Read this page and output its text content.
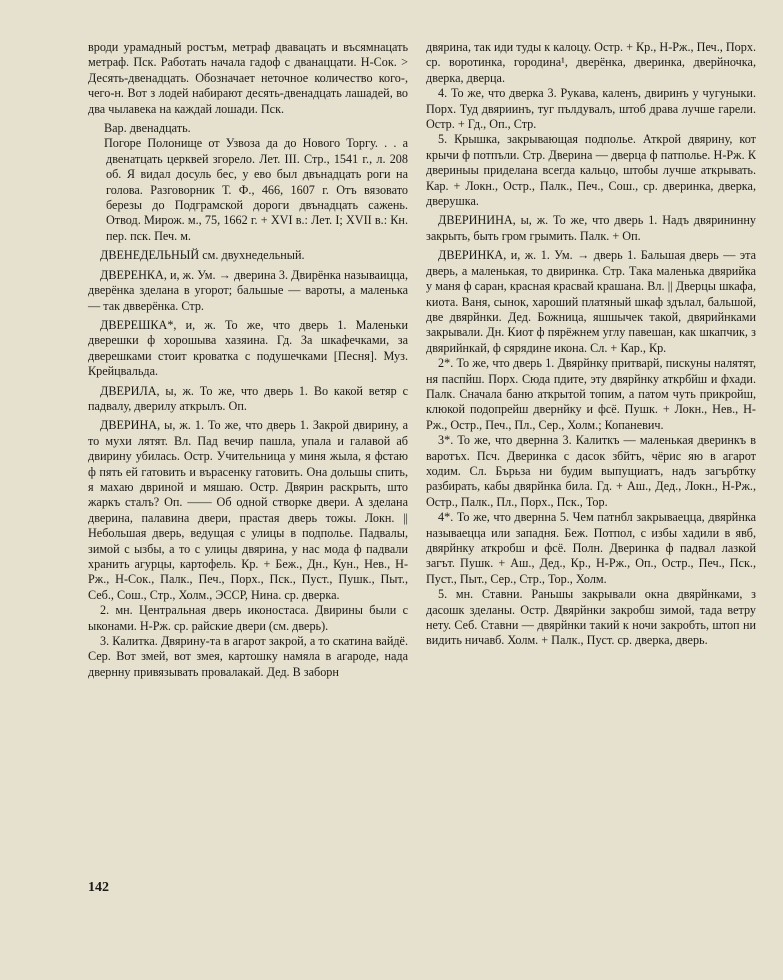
вроди урамадный ростъм, метраф двавацать и въсямнацать метраф. Пск. Работать начала гадоф с дванаццати. Н-Сок. > Десять-двенадцать. Обозначает неточное количество кого-, чего-н. Вот з лодей набирают десять-двенадцать лашадей, во два чылавека на каждай лошади. Пск.

Вар. двенадцать.

Погоре Полонище от Узвоза да до Нового Торгу. . . а двенатцать церквей згорело. Лет. III. Стр., 1541 г., л. 208 об. Я видал досуль бес, у ево был двънадцать роги на голова. Разговорник Т. Ф., 466, 1607 г. Отъ вязовато березы до Подграмской дороги двънадцать сажень. Отвод. Мирож. м., 75, 1662 г. + XVI в.: Лет. I; XVII в.: Кн. пер. пск. Печ. м.

ДВЕНЕДЕЛЬНЫЙ см. двухнедельный.

ДВЕРЕНКА, и, ж. Ум. → дверина 3. Двирёнка называицца, дверёнка зделана в угорот; бальшые — вароты, а маленька — так двверёнка. Стр.

ДВЕРЕШКА*, и, ж. То же, что дверь 1. Маленьки дверешки ф хорошыва хазяина. Гд. За шкафечками, за дверешками стоит кроватка с подушечками [Песня]. Муз. Крейцвальда.

ДВЕРИЛА, ы, ж. То же, что дверь 1. Во какой ветяр с падвалу, дверилу аткрылъ. Оп.

ДВЕРИНА, ы, ж. 1. То же, что дверь 1. Закрой двирину, а то мухи лятят. Вл. Пад вечир пашла, упала и галавой аб двирину убилась. Остр. Учительница у миня жыла, я фстаю ф пять ей гатовить и върасенку гатовить. Она дольшы спить, я махаю двриной и мяшаю. Остр. Двярин раскрыть, што жаркъ сталъ? Оп. —— Об одной створке двери. А зделана дверина, палавина двери, прастая дверь тожы. Локн. || Небольшая дверь, ведущая с улицы в подполье. Падвалы, зимой с ызбы, а то с улицы двярина, у нас мода ф падвали хранить агурцы, картофель. Кр. + Беж., Дн., Кун., Нев., Н-Рж., Н-Сок., Палк., Печ., Порх., Пск., Пуст., Пушк., Пыт., Себ., Сош., Стр., Холм., ЭССР, Нина. ср. дверка.

2. мн. Центральная дверь иконостаса. Двирины были с ыконами. Н-Рж. ср. райские двери (см. дверь).

3. Калитка. Двярину-та в агарот закрой, а то скатина вайдё. Сер. Вот змей, вот змея, картошку намяла в агароде, нада двернну привязывать провалакай. Дед. В заборн

двярина, так иди туды к калоцу. Остр. + Кр., Н-Рж., Печ., Порх. ср. воротинка, городина¹, дверёнка, дверинка, дверйночка, дверка, дверца.

4. То же, что дверка 3. Рукава, каленъ, двиринъ у чугуныки. Порх. Туд двяриинъ, туг пълдувалъ, штоб драва лучше гарели. Остр. + Гд., Оп., Стр.

5. Крышка, закрывающая подполье. Аткрой двярину, кот крычи ф потпъли. Стр. Дверина — дверца ф патполье. Н-Рж. К двериныы приделана всегда кальцо, штобы лучше аткрывать. Кар. + Локн., Остр., Палк., Печ., Сош., ср. дверинка, дверка, дверушка.

ДВЕРИНИНА, ы, ж. То же, что дверь 1. Надъ двярининну закрыть, быть гром грымить. Палк. + Оп.

ДВЕРИНКА, и, ж. 1. Ум. → дверь 1. Бальшая дверь — эта дверь, а маленькая, то двиринка. Стр. Така маленька двярийка у маня ф саран, красная красвай крашана. Вл. || Дверцы шкафа, киота. Ваня, сынок, хароший платяный шкаф здълал, бальшой, две двярйнки. Дед. Божница, яшшычек такой, двярийнками закрывали. Дн. Киот ф пярёжнем углу павешан, как шкапчик, з двярийнкай, ф сярядине икона. Сл. + Кар., Кр.

2*. То же, что дверь 1. Двярйнку притварй, пискуны налятят, ня паспйш. Порх. Сюда пдите, эту двярйнку аткрбйш и фхади. Палк. Сначала баню аткрытой топим, а патом чуть прикройш, клюкой подопрейш двернйку и фсё. Пушк. + Локн., Нев., Н-Рж., Остр., Печ., Пл., Сер., Холм.; Копаневич.

3*. То же, что двернна 3. Калиткъ — маленькая дверинкъ в варотъх. Псч. Дверинка с дасок збйтъ, чёрис яю в агарот ходим. Сл. Бърьза ни будим выпущиатъ, надъ загърбтку разбирать, кабы двярйнка била. Гд. + Аш., Дед., Локн., Н-Рж., Остр., Палк., Пл., Порх., Пск., Тор.

4*. То же, что двернна 5. Чем патнбл закрываецца, двярйнка называецца или западня. Беж. Потпол, с избы хадили в явб, двярйнку аткробш и фсё. Полн. Дверинка ф падвал лазкой загът. Пушк. + Аш., Дед., Кр., Н-Рж., Оп., Остр., Печ., Пск., Пуст., Пыт., Сер., Стр., Тор., Холм.

5. мн. Ставни. Раньшы закрывали окна двярйнками, з дасошк зделаны. Остр. Двярйнки закробш зимой, тада ветру нету. Себ. Ставни — двярйнки такий к ночи закробть, штоп ни видить ничавб. Холм. + Палк., Пуст. ср. дверка, дверь.

142
